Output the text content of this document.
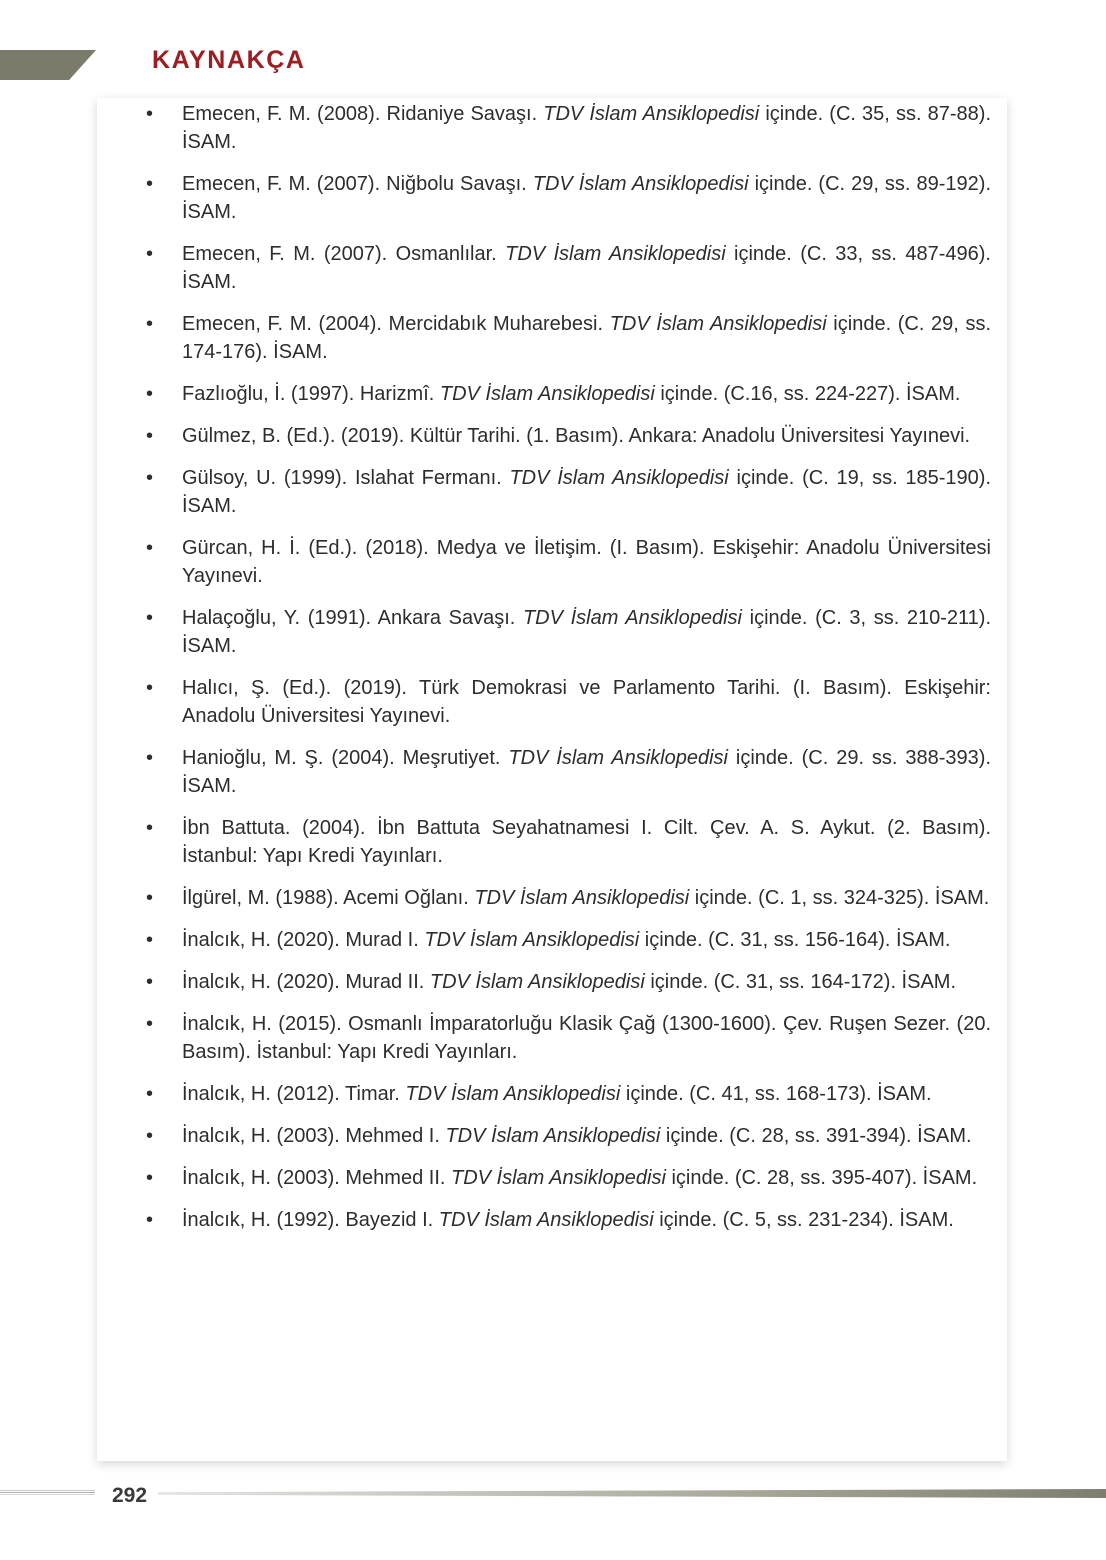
KAYNAKÇA
• Emecen, F. M. (2008). Ridaniye Savaşı. TDV İslam Ansiklopedisi içinde. (C. 35, ss. 87-88). İSAM.
• Emecen, F. M. (2007). Niğbolu Savaşı. TDV İslam Ansiklopedisi içinde. (C. 29, ss. 89-192). İSAM.
• Emecen, F. M. (2007). Osmanlılar. TDV İslam Ansiklopedisi içinde. (C. 33, ss. 487-496). İSAM.
• Emecen, F. M. (2004). Mercidabık Muharebesi. TDV İslam Ansiklopedisi içinde. (C. 29, ss. 174-176). İSAM.
• Fazlıoğlu, İ. (1997). Harizmî. TDV İslam Ansiklopedisi içinde. (C.16, ss. 224-227). İSAM.
• Gülmez, B. (Ed.). (2019). Kültür Tarihi. (1. Basım). Ankara: Anadolu Üniversitesi Yayınevi.
• Gülsoy, U. (1999). Islahat Fermanı. TDV İslam Ansiklopedisi içinde. (C. 19, ss. 185-190). İSAM.
• Gürcan, H. İ. (Ed.). (2018). Medya ve İletişim. (I. Basım). Eskişehir: Anadolu Üniversitesi Yayınevi.
• Halaçoğlu, Y. (1991). Ankara Savaşı. TDV İslam Ansiklopedisi içinde. (C. 3, ss. 210-211). İSAM.
• Halıcı, Ş. (Ed.). (2019). Türk Demokrasi ve Parlamento Tarihi. (I. Basım). Eskişehir: Anadolu Üniversitesi Yayınevi.
• Hanioğlu, M. Ş. (2004). Meşrutiyet. TDV İslam Ansiklopedisi içinde. (C. 29. ss. 388-393). İSAM.
• İbn Battuta. (2004). İbn Battuta Seyahatnamesi I. Cilt. Çev. A. S. Aykut. (2. Basım). İstanbul: Yapı Kredi Yayınları.
• İlgürel, M. (1988). Acemi Oğlanı. TDV İslam Ansiklopedisi içinde. (C. 1, ss. 324-325). İSAM.
• İnalcık, H. (2020). Murad I. TDV İslam Ansiklopedisi içinde. (C. 31, ss. 156-164). İSAM.
• İnalcık, H. (2020). Murad II. TDV İslam Ansiklopedisi içinde. (C. 31, ss. 164-172). İSAM.
• İnalcık, H. (2015). Osmanlı İmparatorluğu Klasik Çağ (1300-1600). Çev. Ruşen Sezer. (20. Basım). İstanbul: Yapı Kredi Yayınları.
• İnalcık, H. (2012). Timar. TDV İslam Ansiklopedisi içinde. (C. 41, ss. 168-173). İSAM.
• İnalcık, H. (2003). Mehmed I. TDV İslam Ansiklopedisi içinde. (C. 28, ss. 391-394). İSAM.
• İnalcık, H. (2003). Mehmed II. TDV İslam Ansiklopedisi içinde. (C. 28, ss. 395-407). İSAM.
• İnalcık, H. (1992). Bayezid I. TDV İslam Ansiklopedisi içinde. (C. 5, ss. 231-234). İSAM.
292
